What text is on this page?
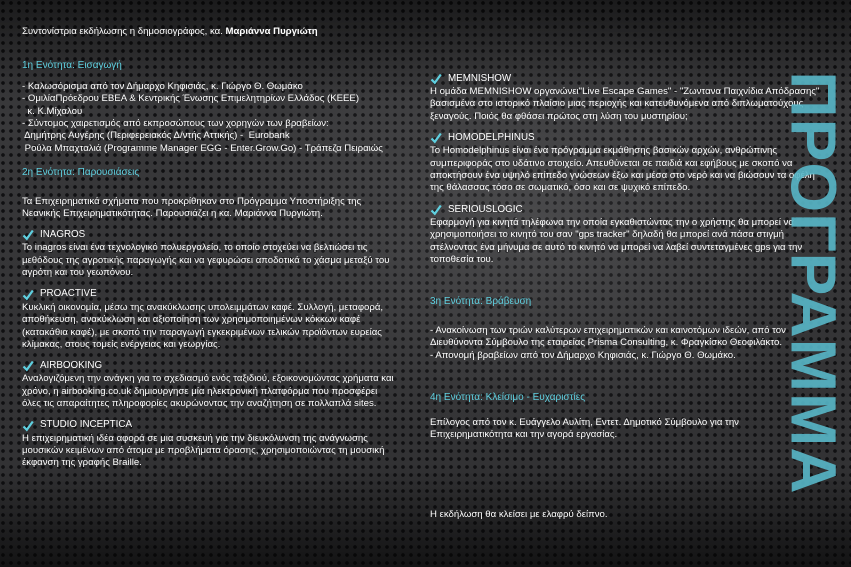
Συντονίστρια εκδήλωσης η δημοσιογράφος, κα. Μαριάννα Πυργιώτη

1η Ενότητα: Εισαγωγή

- Καλωσόρισμα από τον Δήμαρχο Κηφισιάς, κ. Γιώργο Θ. Θωμάκο

- ΟμιλίαΠρόεδρου ΕΒΕΑ & Κεντρικής Ένωσης Επιμελητηρίων Ελλάδος (ΚΕΕΕ)

κ. Κ.Μίχαλου

- Σύντομος χαιρετισμός από εκπροσώπους των χορηγών των βραβείων:

Δημήτρης Αυγέρης (Περιφερειακός Δ/ντής Αττικής) -  Eurobank

Ρούλα Μπαχταλιά (Programme Manager EGG - Enter.Grow.Go) - Τράπεζα Πειραιώς

2η Ενότητα: Παρουσιάσεις

Τα Επιχειρηματικά σχήματα που προκρίθηκαν στο Πρόγραμμα Υποστήριξης της Νεανικής Επιχειρηματικότητας. Παρουσιάζει η κα. Μαριάννα Πυργιώτη.

INAGROS

Το inagros είναι ένα τεχνολογικό πολυεργαλείο, το οποίο στοχεύει να βελτιώσει τις μεθόδους της αγροτικής παραγωγής και να γεφυρώσει αποδοτικά το χάσμα μεταξύ του αγρότη και του γεωπόνου.

PROACTIVE

Κυκλική οικονομία, μέσω της ανακύκλωσης υπολειμμάτων καφέ. Συλλογή, μεταφορά, αποθήκευση, ανακύκλωση και αξιοποίηση των χρησιμοποιημένων κόκκων καφέ (κατακάθια καφέ), με σκοπό την παραγωγή εγκεκριμένων τελικών προϊόντων ευρείας κλίμακας, στους τομείς ενέργειας και γεωργίας.

AIRBOOKING

Αναλογιζόμενη την ανάγκη για το σχεδιασμό ενός ταξιδιού, εξοικονομώντας χρήματα και χρόνο, η airbooking.co.uk δημιουργησε μία ηλεκτρονική πλατφόρμα που προσφέρει όλες τις απαραίτητες πληροφορίες ακυρώνοντας την αναζήτηση σε πολλαπλά sites.

STUDIO INCEPTICA

Η επιχειρηματική ιδέα αφορά σε μια συσκευή για την διευκόλυνση της ανάγνωσης μουσικών κειμένων από άτομα με προβλήματα όρασης, χρησιμοποιώντας τη μουσική έκφανση της γραφής Braille.

MEMNISHOW

Η ομάδα MEMNISHOW οργανώνει"Live Escape Games" - "Ζωντανα Παιχνίδια Απόδρασης" βασισμένα στο ιστορικό πλαίσιο μιας περιοχής και κατευθυνόμενα από διπλωματούχους ξεναγούς. Ποιός θα φθάσει πρώτος στη λύση του μυστηρίου;

HOMODELPHINUS

Το Homodelphinus είναι ένα πρόγραμμα εκμάθησης βασικών αρχών, ανθρώπινης συμπεριφοράς στο υδάτινο στοιχείο. Απευθύνεται σε παιδιά και εφήβους με σκοπό να αποκτήσουν ένα υψηλό επίπεδο γνώσεων έξω και μέσα στο νερό και να βιώσουν τα οφέλη της θάλασσας τόσο σε σωματικό, όσο και σε ψυχικό επίπεδο.

SERIOUSLOGIC

Εφαρμογή για κινητά τηλέφωνα την οποία εγκαθιστώντας την ο χρήστης θα μπορεί να χρησιμοποιήσει το κινητό του σαν "gps tracker" δηλαδή θα μπορεί ανά πάσα στιγμή στέλνοντας ένα μήνυμα σε αυτό το κινητό να μπορεί να λαβεί συντεταγμένες gps για την τοποθεσία του.

3η Ενότητα: Βράβευση

- Ανακοίνωση των τριών καλύτερων επιχειρηματικών και καινοτόμων ιδεών, από τον Διευθύνοντα Σύμβουλο της εταιρείας Prisma Consulting, κ. Φραγκίσκο Θεοφιλάκτο.

- Απονομή βραβείων από τον Δήμαρχο Κηφισιάς, κ. Γιώργο Θ. Θωμάκο.

4η Ενότητα: Κλείσιμο - Ευχαριστίες

Επίλογος από τον κ. Ευάγγελο Αυλίτη, Εντετ. Δημοτικό Σύμβουλο για την Επιχειρηματικότητα και την αγορά εργασίας.

Η εκδήλωση θα κλείσει με ελαφρύ δείπνο.

ΠΡΟΓΡΑΜΜΑ
